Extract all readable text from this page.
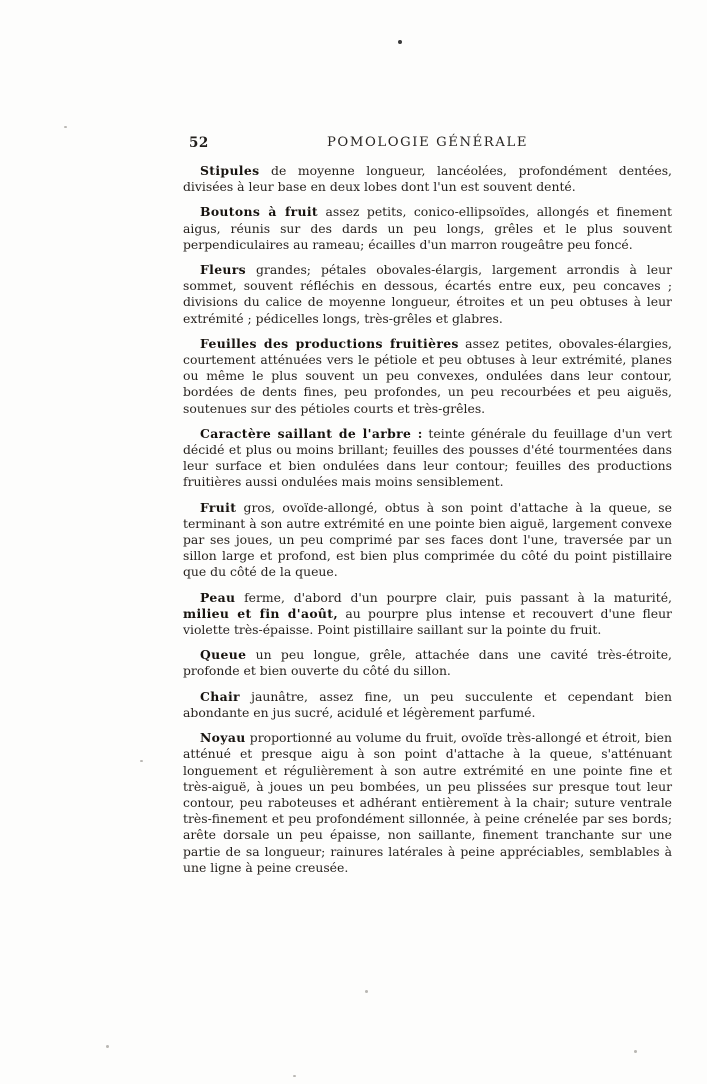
52	POMOLOGIE GÉNÉRALE

Stipules de moyenne longueur, lancéolées, profondément dentées, divisées à leur base en deux lobes dont l'un est souvent denté.

Boutons à fruit assez petits, conico-ellipsoïdes, allongés et finement aigus, réunis sur des dards un peu longs, grêles et le plus souvent perpendiculaires au rameau; écailles d'un marron rougeâtre peu foncé.

Fleurs grandes; pétales obovales-élargis, largement arrondis à leur sommet, souvent réfléchis en dessous, écartés entre eux, peu concaves ; divisions du calice de moyenne longueur, étroites et un peu obtuses à leur extrémité ; pédicelles longs, très-grêles et glabres.

Feuilles des productions fruitières assez petites, obovales-élargies, courtement atténuées vers le pétiole et peu obtuses à leur extrémité, planes ou même le plus souvent un peu convexes, ondulées dans leur contour, bordées de dents fines, peu profondes, un peu recourbées et peu aiguës, soutenues sur des pétioles courts et très-grêles.

Caractère saillant de l'arbre : teinte générale du feuillage d'un vert décidé et plus ou moins brillant; feuilles des pousses d'été tourmentées dans leur surface et bien ondulées dans leur contour; feuilles des productions fruitières aussi ondulées mais moins sensiblement.

Fruit gros, ovoïde-allongé, obtus à son point d'attache à la queue, se terminant à son autre extrémité en une pointe bien aiguë, largement convexe par ses joues, un peu comprimé par ses faces dont l'une, traversée par un sillon large et profond, est bien plus comprimée du côté du point pistillaire que du côté de la queue.

Peau ferme, d'abord d'un pourpre clair, puis passant à la maturité, milieu et fin d'août, au pourpre plus intense et recouvert d'une fleur violette très-épaisse. Point pistillaire saillant sur la pointe du fruit.

Queue un peu longue, grêle, attachée dans une cavité très-étroite, profonde et bien ouverte du côté du sillon.

Chair jaunâtre, assez fine, un peu succulente et cependant bien abondante en jus sucré, acidulé et légèrement parfumé.

Noyau proportionné au volume du fruit, ovoïde très-allongé et étroit, bien atténué et presque aigu à son point d'attache à la queue, s'atténuant longuement et régulièrement à son autre extrémité en une pointe fine et très-aiguë, à joues un peu bombées, un peu plissées sur presque tout leur contour, peu raboteuses et adhérant entièrement à la chair; suture ventrale très-finement et peu profondément sillonnée, à peine crénelée par ses bords; arête dorsale un peu épaisse, non saillante, finement tranchante sur une partie de sa longueur; rainures latérales à peine appréciables, semblables à une ligne à peine creusée.
